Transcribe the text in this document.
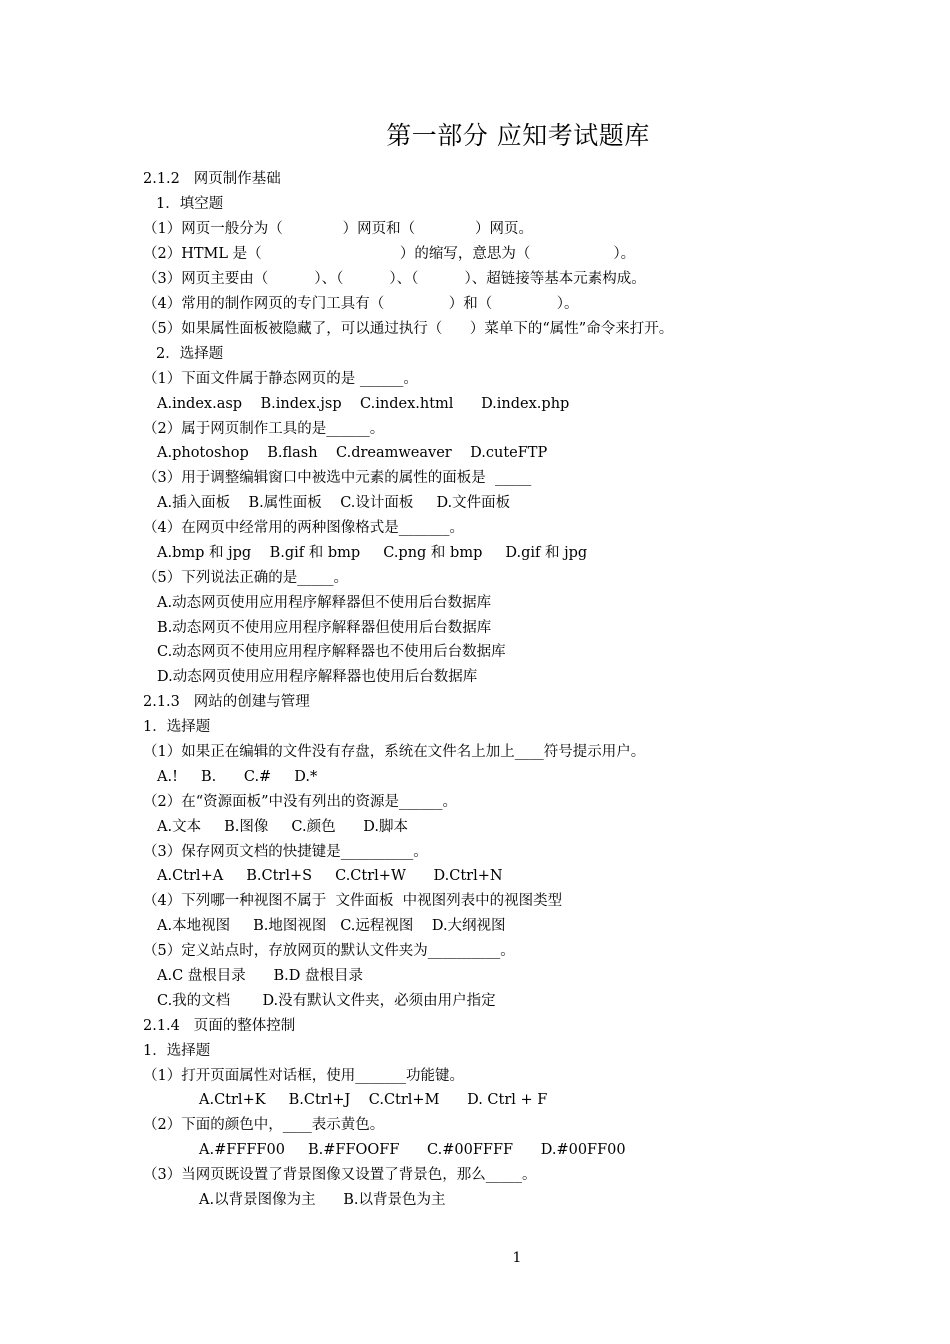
第一部分 应知考试题库
2.1.2   网页制作基础
1．填空题
（1）网页一般分为（             ）网页和（             ）网页。
（2）HTML 是（                              ）的缩写，意思为（                  ）。
（3）网页主要由（          ）、（          ）、（          ）、超链接等基本元素构成。
（4）常用的制作网页的专门工具有（              ）和（              ）。
（5）如果属性面板被隐藏了，可以通过执行（      ）菜单下的“属性”命令来打开。
2．选择题
（1）下面文件属于静态网页的是 ______。
A.index.asp    B.index.jsp    C.index.html      D.index.php
（2）属于网页制作工具的是______。
A.photoshop    B.flash    C.dreamweaver    D.cuteFTP
（3）用于调整编辑窗口中被选中元素的属性的面板是  _____
A.插入面板    B.属性面板    C.设计面板     D.文件面板
（4）在网页中经常用的两种图像格式是_______。
A.bmp 和 jpg    B.gif 和 bmp     C.png 和 bmp     D.gif 和 jpg
（5）下列说法正确的是_____。
A.动态网页使用应用程序解释器但不使用后台数据库
B.动态网页不使用应用程序解释器但使用后台数据库
C.动态网页不使用应用程序解释器也不使用后台数据库
D.动态网页使用应用程序解释器也使用后台数据库
2.1.3   网站的创建与管理
1．选择题
（1）如果正在编辑的文件没有存盘，系统在文件名上加上____符号提示用户。
A.!     B.      C.#     D.*
（2）在“资源面板”中没有列出的资源是______。
A.文本     B.图像     C.颜色      D.脚本
（3）保存网页文档的快捷键是__________。
A.Ctrl+A     B.Ctrl+S     C.Ctrl+W      D.Ctrl+N
（4）下列哪一种视图不属于  文件面板  中视图列表中的视图类型
A.本地视图     B.地图视图   C.远程视图    D.大纲视图
（5）定义站点时，存放网页的默认文件夹为__________。
A.C 盘根目录      B.D 盘根目录
C.我的文档       D.没有默认文件夹，必须由用户指定
2.1.4   页面的整体控制
1．选择题
（1）打开页面属性对话框，使用_______功能键。
A.Ctrl+K     B.Ctrl+J    C.Ctrl+M      D. Ctrl + F
（2）下面的颜色中，____表示黄色。
A.#FFFF00     B.#FFOOFF      C.#00FFFF      D.#00FF00
（3）当网页既设置了背景图像又设置了背景色，那么_____。
A.以背景图像为主      B.以背景色为主
1
